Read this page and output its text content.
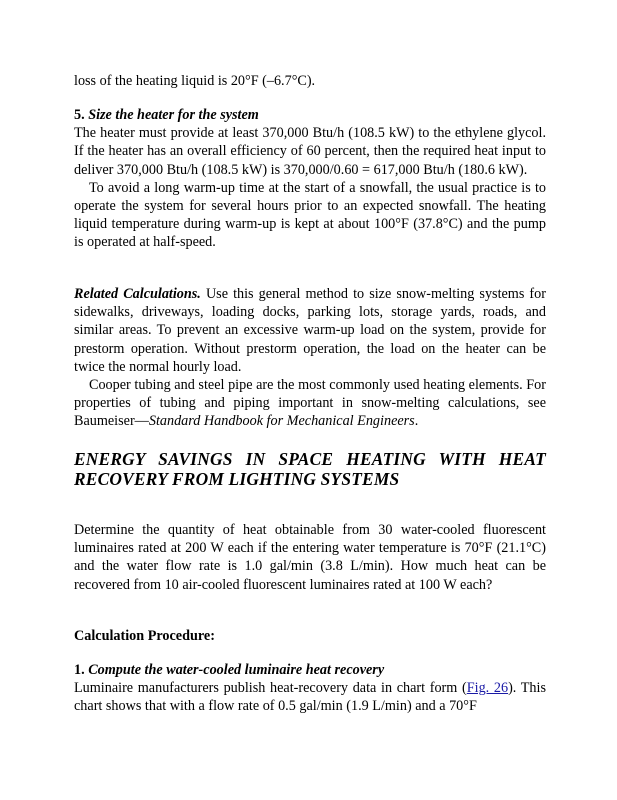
loss of the heating liquid is 20°F (–6.7°C).

5. Size the heater for the system

The heater must provide at least 370,000 Btu/h (108.5 kW) to the ethylene glycol. If the heater has an overall efficiency of 60 percent, then the required heat input to deliver 370,000 Btu/h (108.5 kW) is 370,000/0.60 = 617,000 Btu/h (180.6 kW).

To avoid a long warm-up time at the start of a snowfall, the usual practice is to operate the system for several hours prior to an expected snowfall. The heating liquid temperature during warm-up is kept at about 100°F (37.8°C) and the pump is operated at half-speed.

Related Calculations. Use this general method to size snow-melting systems for sidewalks, driveways, loading docks, parking lots, storage yards, roads, and similar areas. To prevent an excessive warm-up load on the system, provide for prestorm operation. Without prestorm operation, the load on the heater can be twice the normal hourly load.

Cooper tubing and steel pipe are the most commonly used heating elements. For properties of tubing and piping important in snow-melting calculations, see Baumeiser—Standard Handbook for Mechanical Engineers.

ENERGY SAVINGS IN SPACE HEATING WITH HEAT RECOVERY FROM LIGHTING SYSTEMS

Determine the quantity of heat obtainable from 30 water-cooled fluorescent luminaires rated at 200 W each if the entering water temperature is 70°F (21.1°C) and the water flow rate is 1.0 gal/min (3.8 L/min). How much heat can be recovered from 10 air-cooled fluorescent luminaires rated at 100 W each?

Calculation Procedure:

1. Compute the water-cooled luminaire heat recovery

Luminaire manufacturers publish heat-recovery data in chart form (Fig. 26). This chart shows that with a flow rate of 0.5 gal/min (1.9 L/min) and a 70°F
